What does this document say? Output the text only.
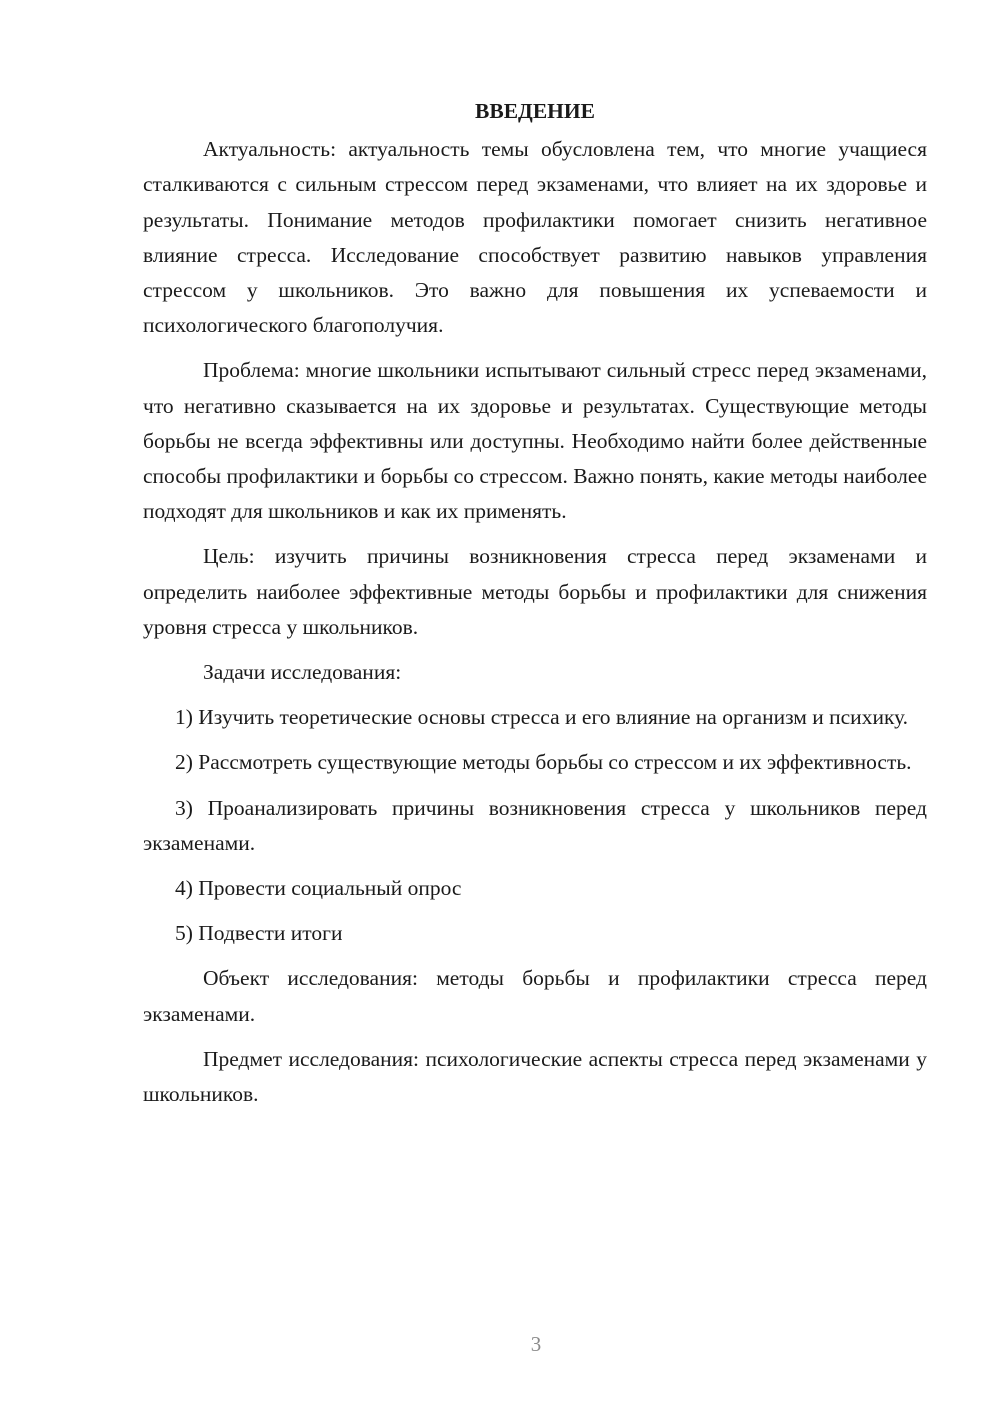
ВВЕДЕНИЕ

Актуальность: актуальность темы обусловлена тем, что многие учащиеся сталкиваются с сильным стрессом перед экзаменами, что влияет на их здоровье и результаты. Понимание методов профилактики помогает снизить негативное влияние стресса. Исследование способствует развитию навыков управления стрессом у школьников. Это важно для повышения их успеваемости и психологического благополучия.

Проблема: многие школьники испытывают сильный стресс перед экзаменами, что негативно сказывается на их здоровье и результатах. Существующие методы борьбы не всегда эффективны или доступны. Необходимо найти более действенные способы профилактики и борьбы со стрессом. Важно понять, какие методы наиболее подходят для школьников и как их применять.

Цель: изучить причины возникновения стресса перед экзаменами и определить наиболее эффективные методы борьбы и профилактики для снижения уровня стресса у школьников.

Задачи исследования:

1) Изучить теоретические основы стресса и его влияние на организм и психику.

2) Рассмотреть существующие методы борьбы со стрессом и их эффективность.

3) Проанализировать причины возникновения стресса у школьников перед экзаменами.

4) Провести социальный опрос

5) Подвести итоги

Объект исследования: методы борьбы и профилактики стресса перед экзаменами.

Предмет исследования: психологические аспекты стресса перед экзаменами у школьников.

3
